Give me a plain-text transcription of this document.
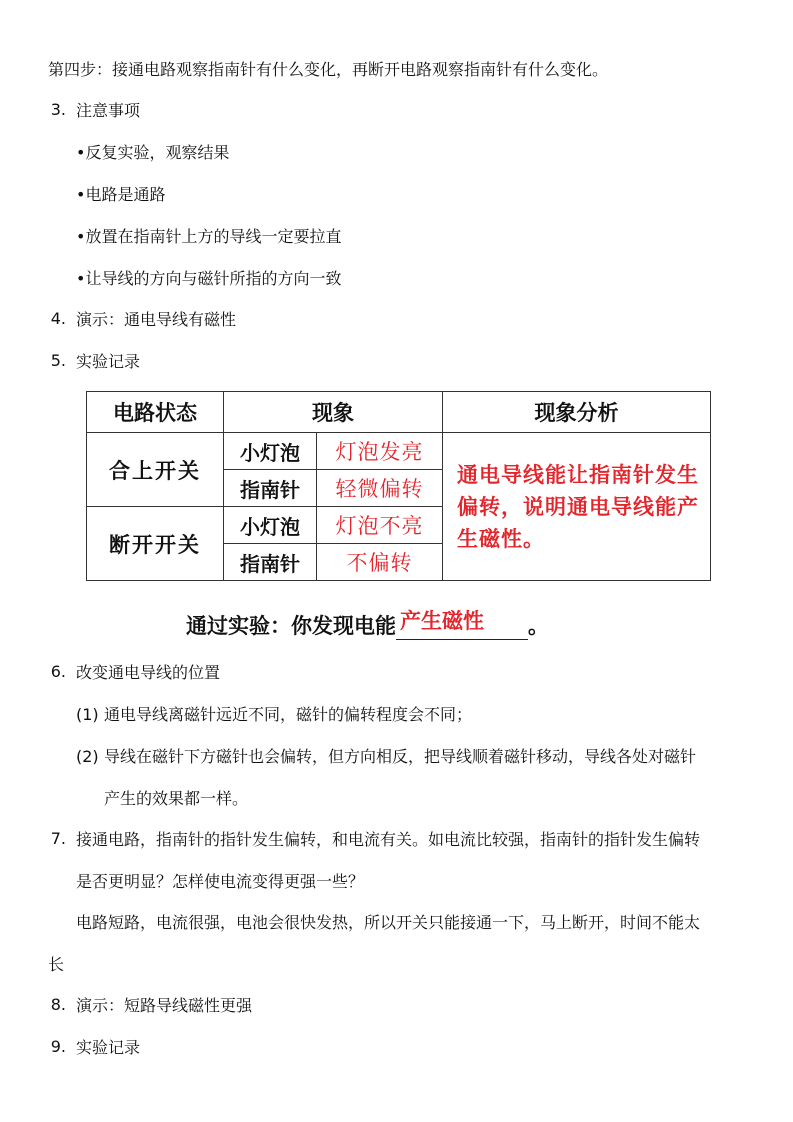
第四步：接通电路观察指南针有什么变化，再断开电路观察指南针有什么变化。
3. 注意事项
•反复实验，观察结果
•电路是通路
•放置在指南针上方的导线一定要拉直
•让导线的方向与磁针所指的方向一致
4. 演示：通电导线有磁性
5. 实验记录
电路状态	现象		现象分析
合上开关	小灯泡	灯泡发亮	通电导线能让指南针发生偏转，说明通电导线能产生磁性。
	指南针	轻微偏转	
断开开关	小灯泡	灯泡不亮	
	指南针	不偏转	
通过实验：你发现电能 产生磁性 。
6. 改变通电导线的位置
(1) 通电导线离磁针远近不同，磁针的偏转程度会不同；
(2) 导线在磁针下方磁针也会偏转，但方向相反，把导线顺着磁针移动，导线各处对磁针
产生的效果都一样。
7. 接通电路，指南针的指针发生偏转，和电流有关。如电流比较强，指南针的指针发生偏转
是否更明显？怎样使电流变得更强一些？
电路短路，电流很强，电池会很快发热，所以开关只能接通一下，马上断开，时间不能太
长
8. 演示：短路导线磁性更强
9. 实验记录
